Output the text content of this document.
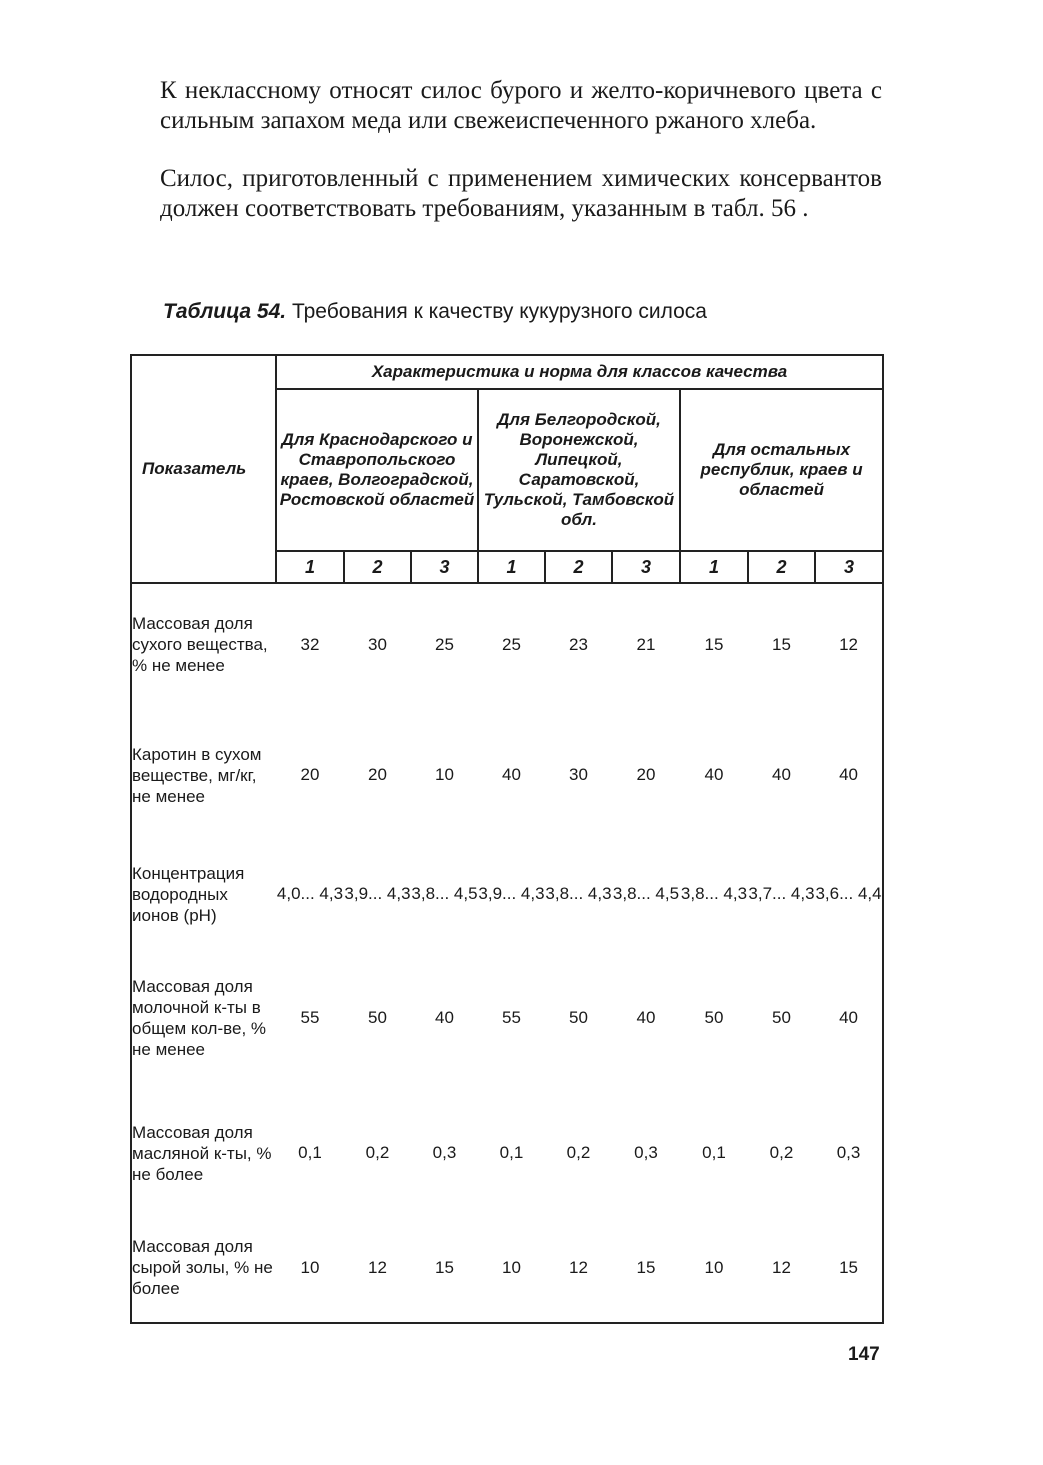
К неклассному относят силос бурого и желто-коричневого цвета с сильным запахом меда или свежеиспеченного ржаного хлеба.

Силос, приготовленный с применением химических консервантов должен соответствовать требованиям, указанным в табл. 56 .

Таблица 54. Требования к качеству кукурузного силоса

Показатель	Характеристика и норма для классов качества								
	Для Краснодарского и Ставропольского краев, Волгоградской, Ростовской областей			Для Белгородской, Воронежской, Липецкой, Саратовской, Тульской, Тамбовской обл.			Для остальных республик, краев и областей		
	1	2	3	1	2	3	1	2	3
Массовая доля сухого вещества, % не менее	32	30	25	25	23	21	15	15	12
Каротин в сухом веществе, мг/кг, не менее	20	20	10	40	30	20	40	40	40
Концентрация водородных ионов (pH)	4,0... 4,3	3,9... 4,3	3,8... 4,5	3,9... 4,3	3,8... 4,3	3,8... 4,5	3,8... 4,3	3,7... 4,3	3,6... 4,4
Массовая доля молочной к-ты в общем кол-ве, % не менее	55	50	40	55	50	40	50	50	40
Массовая доля масляной к-ты, % не более	0,1	0,2	0,3	0,1	0,2	0,3	0,1	0,2	0,3
Массовая доля сырой золы, % не более	10	12	15	10	12	15	10	12	15

147
